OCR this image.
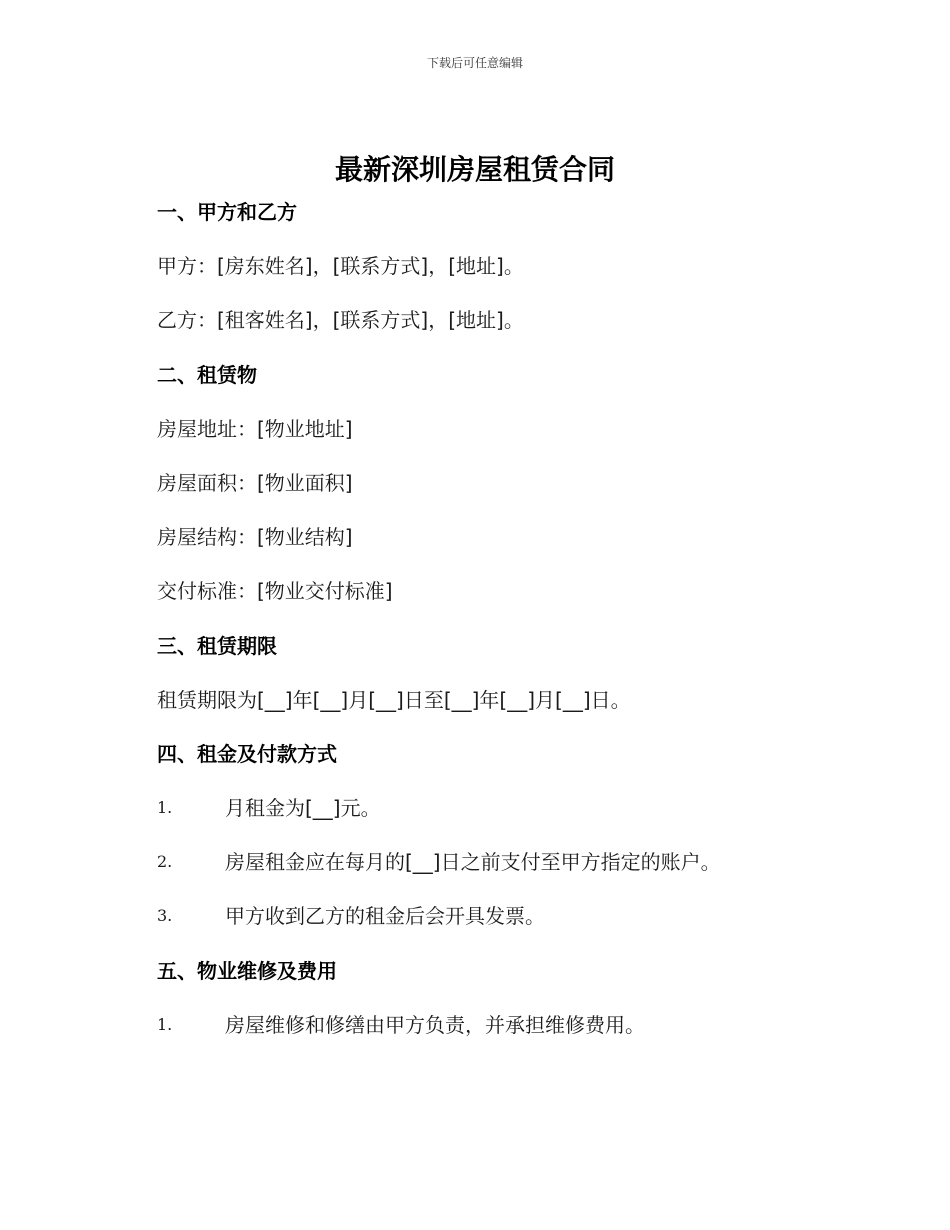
下载后可任意编辑
最新深圳房屋租赁合同
一、甲方和乙方
甲方：[房东姓名]，[联系方式]，[地址]。
乙方：[租客姓名]，[联系方式]，[地址]。
二、租赁物
房屋地址：[物业地址]
房屋面积：[物业面积]
房屋结构：[物业结构]
交付标准：[物业交付标准]
三、租赁期限
租赁期限为[__]年[__]月[__]日至[__]年[__]月[__]日。
四、租金及付款方式
1.	月租金为[__]元。
2.	房屋租金应在每月的[__]日之前支付至甲方指定的账户。
3.	甲方收到乙方的租金后会开具发票。
五、物业维修及费用
1.	房屋维修和修缮由甲方负责，并承担维修费用。
